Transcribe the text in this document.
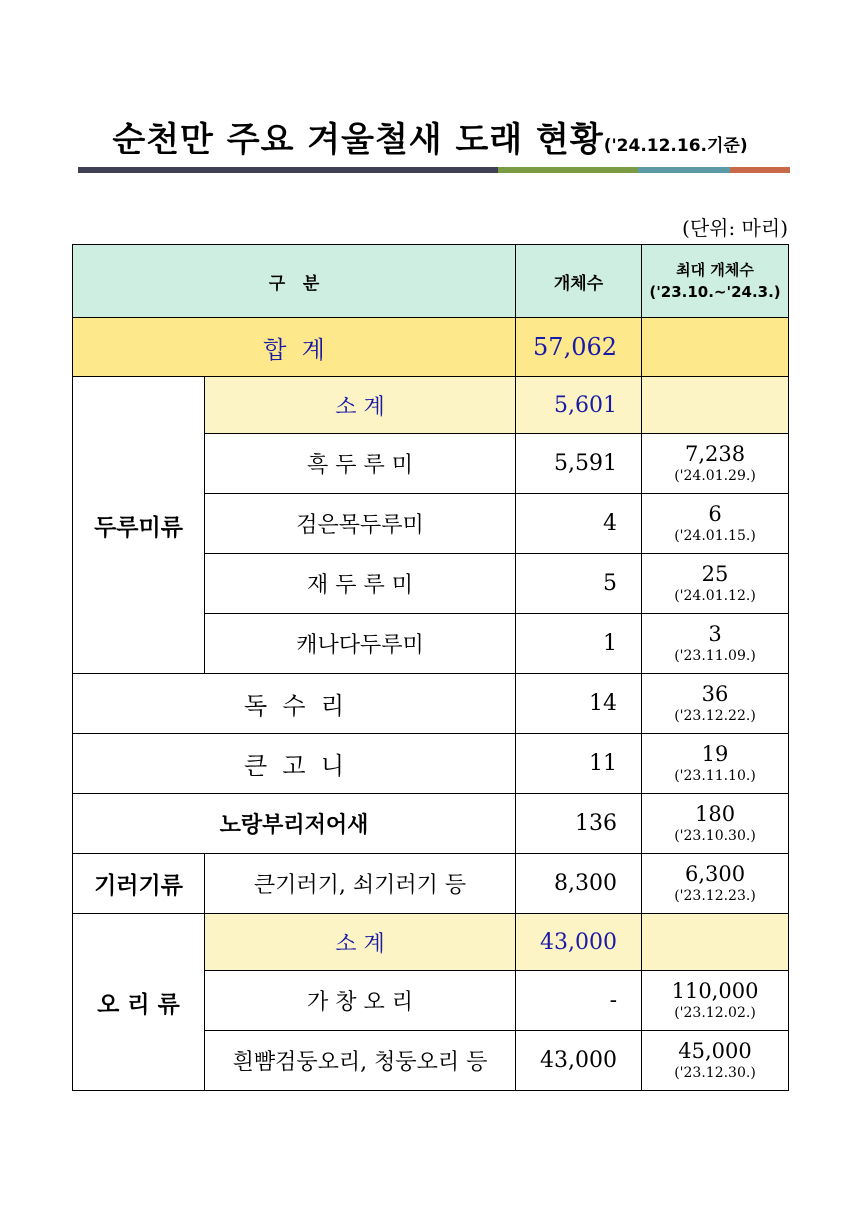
순천만 주요 겨울철새 도래 현황('24.12.16.기준)
(단위: 마리)
구   분		개체수	최대 개체수
('23.10.~'24.3.)
합  계		57,062	
두루미류	소 계	5,601	
	흑 두 루 미	5,591	7,238
('24.01.29.)

	검은목두루미	4	6
('24.01.15.)

	재 두 루 미	5	25
('24.01.12.)

	캐나다두루미	1	3
('23.11.09.)

독  수  리		14	36
('23.12.22.)

큰  고  니		11	19
('23.11.10.)

노랑부리저어새		136	180
('23.10.30.)

기러기류	큰기러기, 쇠기러기 등	8,300	6,300
('23.12.23.)

오 리 류	소 계	43,000	
	가 창 오 리	-	110,000
('23.12.02.)

	흰뺨검둥오리, 청둥오리 등	43,000	45,000
('23.12.30.)
